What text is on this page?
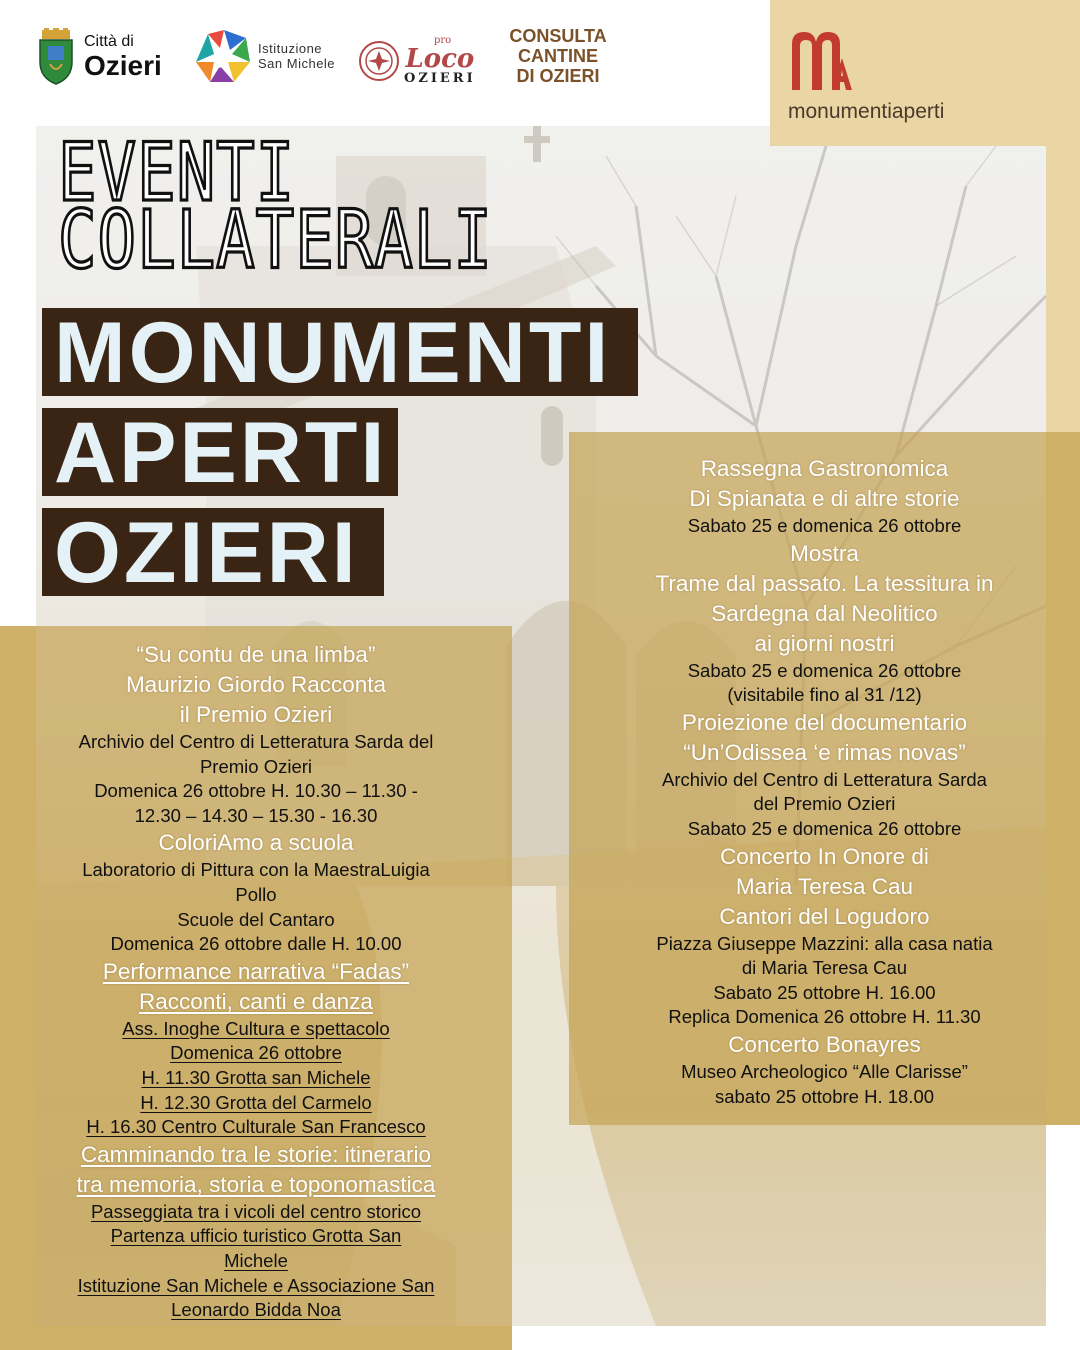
Città di
Ozieri
Istituzione
San Michele
pro
Loco
OZIERI
CONSULTA
CANTINE
DI OZIERI
monumentiaperti
EVENTI
COLLATERALI
MONUMENTI
APERTI
OZIERI
“Su contu de una limba”
Maurizio Giordo Racconta
il Premio Ozieri
Archivio del Centro di Letteratura Sarda del
Premio Ozieri
Domenica 26 ottobre H. 10.30 – 11.30 -
12.30 – 14.30 – 15.30 - 16.30
ColoriAmo a scuola
Laboratorio di Pittura con la MaestraLuigia
Pollo
Scuole del Cantaro
Domenica 26 ottobre dalle H. 10.00
Performance narrativa “Fadas”
Racconti, canti e danza
Ass. Inoghe Cultura e spettacolo
Domenica 26 ottobre
H. 11.30 Grotta san Michele
H. 12.30 Grotta del Carmelo
H. 16.30 Centro Culturale San Francesco
Camminando tra le storie: itinerario
tra memoria, storia e toponomastica
Passeggiata tra i vicoli del centro storico
Partenza ufficio turistico Grotta San
Michele
Istituzione San Michele e Associazione San
Leonardo Bidda Noa
Rassegna Gastronomica
Di Spianata e di altre storie
Sabato 25 e domenica 26 ottobre
Mostra
Trame dal passato. La tessitura in
Sardegna dal Neolitico
ai giorni nostri
Sabato 25 e domenica 26 ottobre
(visitabile fino al 31 /12)
Proiezione del documentario
“Un’Odissea ‘e rimas novas”
Archivio del Centro di Letteratura Sarda
del Premio Ozieri
Sabato 25 e domenica 26 ottobre
Concerto In Onore di
Maria Teresa Cau
Cantori del Logudoro
Piazza Giuseppe Mazzini: alla casa natia
di Maria Teresa Cau
Sabato 25 ottobre H. 16.00
Replica Domenica 26 ottobre H. 11.30
Concerto Bonayres
Museo Archeologico “Alle Clarisse”
sabato 25 ottobre H. 18.00
